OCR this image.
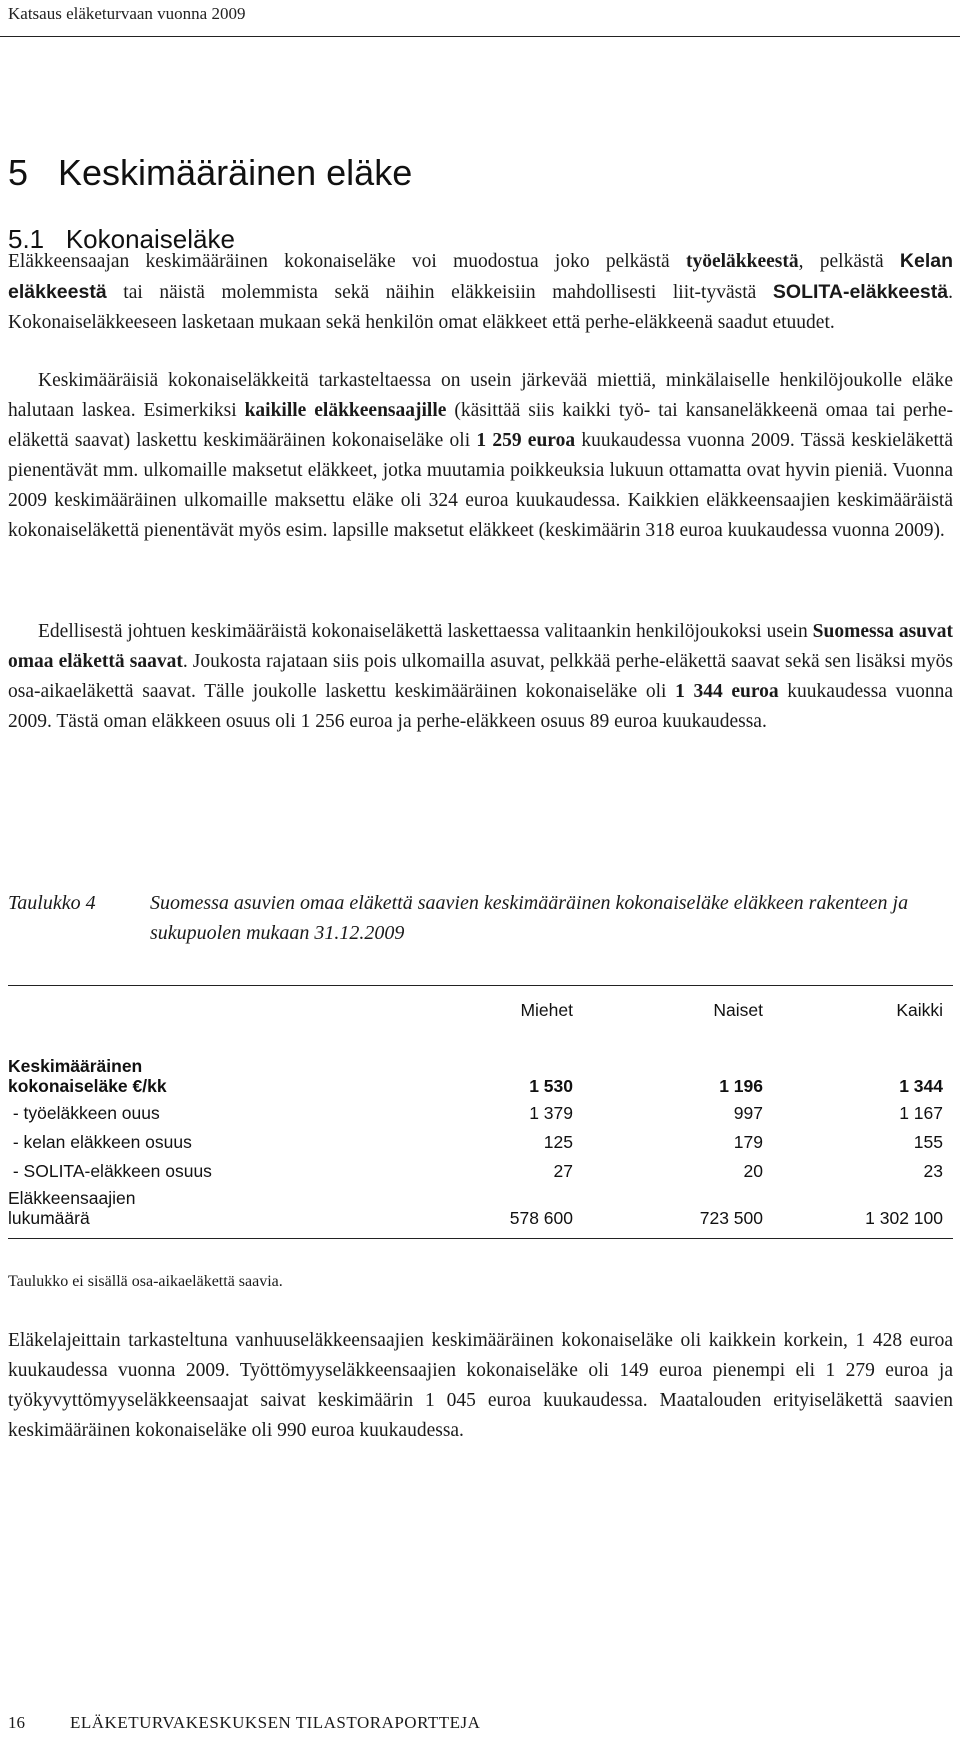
Katsaus eläketurvaan vuonna 2009
5   Keskimääräinen eläke
5.1   Kokonaiseläke

Eläkkeensaajan keskimääräinen kokonaiseläke voi muodostua joko pelkästä työeläkkeestä, pelkästä Kelan eläkkeestä tai näistä molemmista sekä näihin eläkkeisiin mahdollisesti liit-tyvästä SOLITA-eläkkeestä. Kokonaiseläkkeeseen lasketaan mukaan sekä henkilön omat eläkkeet että perhe-eläkkeenä saadut etuudet.

Keskimääräisiä kokonaiseläkkeitä tarkasteltaessa on usein järkevää miettiä, minkälaiselle henkilöjoukolle eläke halutaan laskea. Esimerkiksi kaikille eläkkeensaajille (käsittää siis kaikki työ- tai kansaneläkkeenä omaa tai perhe-eläkettä saavat) laskettu keskimääräinen kokonaiseläke oli 1 259 euroa kuukaudessa vuonna 2009. Tässä keskieläkettä pienentävät mm. ulkomaille maksetut eläkkeet, jotka muutamia poikkeuksia lukuun ottamatta ovat hyvin pieniä. Vuonna 2009 keskimääräinen ulkomaille maksettu eläke oli 324 euroa kuukaudessa. Kaikkien eläkkeensaajien keskimääräistä kokonaiseläkettä pienentävät myös esim. lapsille maksetut eläkkeet (keskimäärin 318 euroa kuukaudessa vuonna 2009).

Edellisestä johtuen keskimääräistä kokonaiseläkettä laskettaessa valitaankin henkilöjoukoksi usein Suomessa asuvat omaa eläkettä saavat. Joukosta rajataan siis pois ulkomailla asuvat, pelkkää perhe-eläkettä saavat sekä sen lisäksi myös osa-aikaeläkettä saavat. Tälle joukolle laskettu keskimääräinen kokonaiseläke oli 1 344 euroa kuukaudessa vuonna 2009. Tästä oman eläkkeen osuus oli 1 256 euroa ja perhe-eläkkeen osuus 89 euroa kuukaudessa.

Taulukko 4	Suomessa asuvien omaa eläkettä saavien keskimääräinen kokonaiseläke eläkkeen rakenteen ja sukupuolen mukaan 31.12.2009
Miehet	Naiset	Kaikki
Keskimääräinen
kokonaiseläke €/kk	1 530	1 196	1 344
- työeläkkeen ouus	1 379	997	1 167
- kelan eläkkeen osuus	125	179	155
- SOLITA-eläkkeen osuus	27	20	23
Eläkkeensaajien
lukumäärä	578 600	723 500	1 302 100
Taulukko ei sisällä osa-aikaeläkettä saavia.

Eläkelajeittain tarkasteltuna vanhuuseläkkeensaajien keskimääräinen kokonaiseläke oli kaikkein korkein, 1 428 euroa kuukaudessa vuonna 2009. Työttömyyseläkkeensaajien kokonaiseläke oli 149 euroa pienempi eli 1 279 euroa ja työkyvyttömyyseläkkeensaajat saivat keskimäärin 1 045 euroa kuukaudessa. Maatalouden erityiseläkettä saavien keskimääräinen kokonaiseläke oli 990 euroa kuukaudessa.

16	ELÄKETURVAKESKUKSEN TILASTORAPORTTEJA
